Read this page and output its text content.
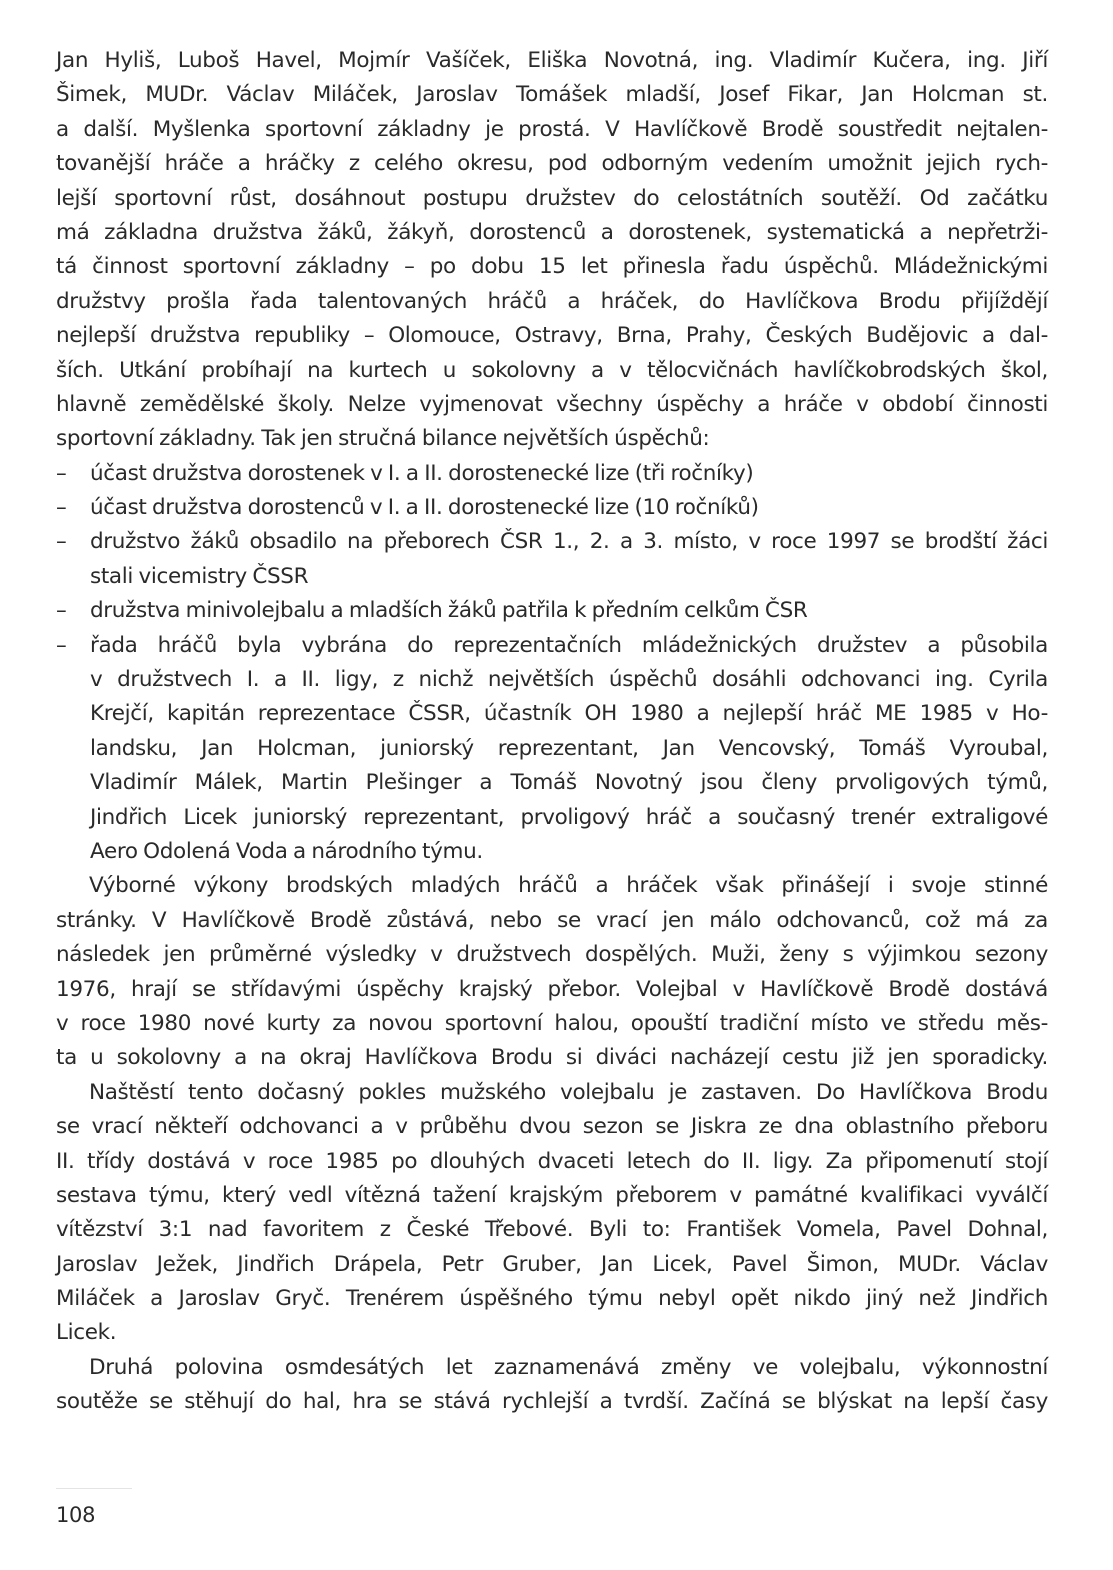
Jan Hyliš, Luboš Havel, Mojmír Vašíček, Eliška Novotná, ing. Vladimír Kučera, ing. Jiří
Šimek, MUDr. Václav Miláček, Jaroslav Tomášek mladší, Josef Fikar, Jan Holcman st.
a další. Myšlenka sportovní základny je prostá. V Havlíčkově Brodě soustředit nejtalen-
tovanější hráče a hráčky z celého okresu, pod odborným vedením umožnit jejich rych-
lejší sportovní růst, dosáhnout postupu družstev do celostátních soutěží. Od začátku
má základna družstva žáků, žákyň, dorostenců a dorostenek, systematická a nepřetrži-
tá činnost sportovní základny – po dobu 15 let přinesla řadu úspěchů. Mládežnickými
družstvy prošla řada talentovaných hráčů a hráček, do Havlíčkova Brodu přijíždějí
nejlepší družstva republiky – Olomouce, Ostravy, Brna, Prahy, Českých Budějovic a dal-
ších. Utkání probíhají na kurtech u sokolovny a v tělocvičnách havlíčkobrodských škol,
hlavně zemědělské školy. Nelze vyjmenovat všechny úspěchy a hráče v období činnosti
sportovní základny. Tak jen stručná bilance největších úspěchů:
– účast družstva dorostenek v I. a II. dorostenecké lize (tři ročníky)
– účast družstva dorostenců v I. a II. dorostenecké lize (10 ročníků)
– družstvo žáků obsadilo na přeborech ČSR 1., 2. a 3. místo, v roce 1997 se brodští žáci
stali vicemistry ČSSR
– družstva minivolejbalu a mladších žáků patřila k předním celkům ČSR
– řada hráčů byla vybrána do reprezentačních mládežnických družstev a působila
v družstvech I. a II. ligy, z nichž největších úspěchů dosáhli odchovanci ing. Cyrila
Krejčí, kapitán reprezentace ČSSR, účastník OH 1980 a nejlepší hráč ME 1985 v Ho-
landsku, Jan Holcman, juniorský reprezentant, Jan Vencovský, Tomáš Vyroubal,
Vladimír Málek, Martin Plešinger a Tomáš Novotný jsou členy prvoligových týmů,
Jindřich Licek juniorský reprezentant, prvoligový hráč a současný trenér extraligové
Aero Odolená Voda a národního týmu.
Výborné výkony brodských mladých hráčů a hráček však přinášejí i svoje stinné
stránky. V Havlíčkově Brodě zůstává, nebo se vrací jen málo odchovanců, což má za
následek jen průměrné výsledky v družstvech dospělých. Muži, ženy s výjimkou sezony
1976, hrají se střídavými úspěchy krajský přebor. Volejbal v Havlíčkově Brodě dostává
v roce 1980 nové kurty za novou sportovní halou, opouští tradiční místo ve středu měs-
ta u sokolovny a na okraj Havlíčkova Brodu si diváci nacházejí cestu již jen sporadicky.
Naštěstí tento dočasný pokles mužského volejbalu je zastaven. Do Havlíčkova Brodu
se vrací někteří odchovanci a v průběhu dvou sezon se Jiskra ze dna oblastního přeboru
II. třídy dostává v roce 1985 po dlouhých dvaceti letech do II. ligy. Za připomenutí stojí
sestava týmu, který vedl vítězná tažení krajským přeborem v památné kvalifikaci vyválčí
vítězství 3:1 nad favoritem z České Třebové. Byli to: František Vomela, Pavel Dohnal,
Jaroslav Ježek, Jindřich Drápela, Petr Gruber, Jan Licek, Pavel Šimon, MUDr. Václav
Miláček a Jaroslav Gryč. Trenérem úspěšného týmu nebyl opět nikdo jiný než Jindřich
Licek.
Druhá polovina osmdesátých let zaznamenává změny ve volejbalu, výkonnostní
soutěže se stěhují do hal, hra se stává rychlejší a tvrdší. Začíná se blýskat na lepší časy
108
